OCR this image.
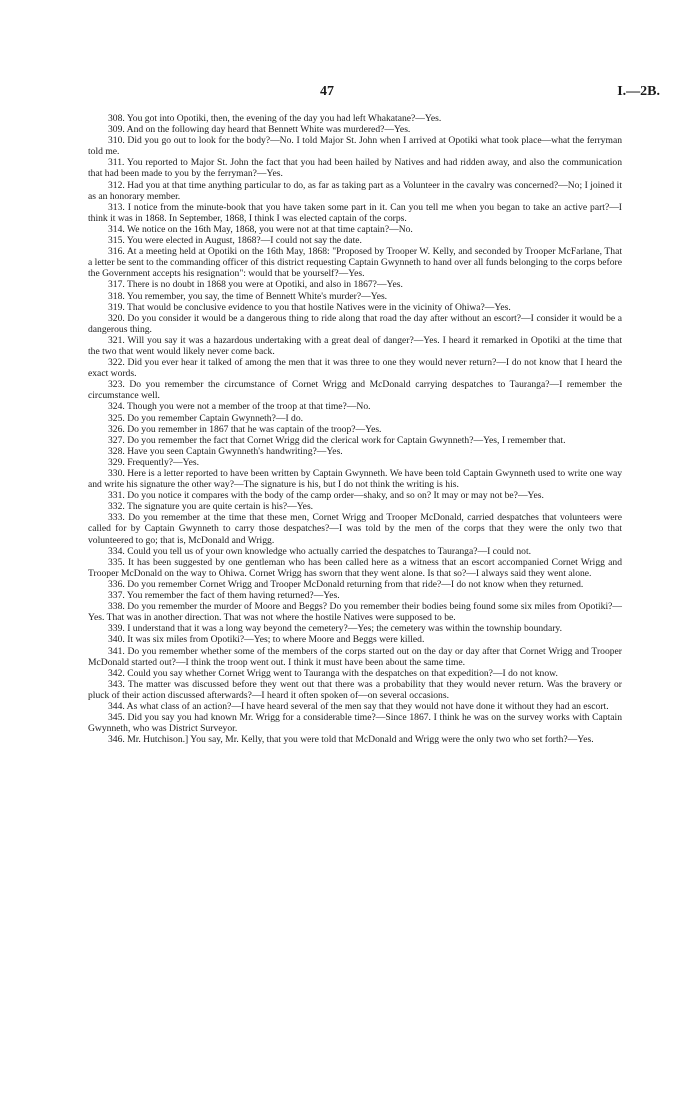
47	I.—2B.

308. You got into Opotiki, then, the evening of the day you had left Whakatane?—Yes.

309. And on the following day heard that Bennett White was murdered?—Yes.

310. Did you go out to look for the body?—No. I told Major St. John when I arrived at Opotiki what took place—what the ferryman told me.

311. You reported to Major St. John the fact that you had been hailed by Natives and had ridden away, and also the communication that had been made to you by the ferryman?—Yes.

312. Had you at that time anything particular to do, as far as taking part as a Volunteer in the cavalry was concerned?—No; I joined it as an honorary member.

313. I notice from the minute-book that you have taken some part in it. Can you tell me when you began to take an active part?—I think it was in 1868. In September, 1868, I think I was elected captain of the corps.

314. We notice on the 16th May, 1868, you were not at that time captain?—No.

315. You were elected in August, 1868?—I could not say the date.

316. At a meeting held at Opotiki on the 16th May, 1868: "Proposed by Trooper W. Kelly, and seconded by Trooper McFarlane, That a letter be sent to the commanding officer of this district requesting Captain Gwynneth to hand over all funds belonging to the corps before the Government accepts his resignation": would that be yourself?—Yes.

317. There is no doubt in 1868 you were at Opotiki, and also in 1867?—Yes.

318. You remember, you say, the time of Bennett White's murder?—Yes.

319. That would be conclusive evidence to you that hostile Natives were in the vicinity of Ohiwa?—Yes.

320. Do you consider it would be a dangerous thing to ride along that road the day after without an escort?—I consider it would be a dangerous thing.

321. Will you say it was a hazardous undertaking with a great deal of danger?—Yes. I heard it remarked in Opotiki at the time that the two that went would likely never come back.

322. Did you ever hear it talked of among the men that it was three to one they would never return?—I do not know that I heard the exact words.

323. Do you remember the circumstance of Cornet Wrigg and McDonald carrying despatches to Tauranga?—I remember the circumstance well.

324. Though you were not a member of the troop at that time?—No.

325. Do you remember Captain Gwynneth?—I do.

326. Do you remember in 1867 that he was captain of the troop?—Yes.

327. Do you remember the fact that Cornet Wrigg did the clerical work for Captain Gwynneth?—Yes, I remember that.

328. Have you seen Captain Gwynneth's handwriting?—Yes.

329. Frequently?—Yes.

330. Here is a letter reported to have been written by Captain Gwynneth. We have been told Captain Gwynneth used to write one way and write his signature the other way?—The signature is his, but I do not think the writing is his.

331. Do you notice it compares with the body of the camp order—shaky, and so on? It may or may not be?—Yes.

332. The signature you are quite certain is his?—Yes.

333. Do you remember at the time that these men, Cornet Wrigg and Trooper McDonald, carried despatches that volunteers were called for by Captain Gwynneth to carry those despatches?—I was told by the men of the corps that they were the only two that volunteered to go; that is, McDonald and Wrigg.

334. Could you tell us of your own knowledge who actually carried the despatches to Tauranga?—I could not.

335. It has been suggested by one gentleman who has been called here as a witness that an escort accompanied Cornet Wrigg and Trooper McDonald on the way to Ohiwa. Cornet Wrigg has sworn that they went alone. Is that so?—I always said they went alone.

336. Do you remember Cornet Wrigg and Trooper McDonald returning from that ride?—I do not know when they returned.

337. You remember the fact of them having returned?—Yes.

338. Do you remember the murder of Moore and Beggs? Do you remember their bodies being found some six miles from Opotiki?—Yes. That was in another direction. That was not where the hostile Natives were supposed to be.

339. I understand that it was a long way beyond the cemetery?—Yes; the cemetery was within the township boundary.

340. It was six miles from Opotiki?—Yes; to where Moore and Beggs were killed.

341. Do you remember whether some of the members of the corps started out on the day or day after that Cornet Wrigg and Trooper McDonald started out?—I think the troop went out. I think it must have been about the same time.

342. Could you say whether Cornet Wrigg went to Tauranga with the despatches on that expedition?—I do not know.

343. The matter was discussed before they went out that there was a probability that they would never return. Was the bravery or pluck of their action discussed afterwards?—I heard it often spoken of—on several occasions.

344. As what class of an action?—I have heard several of the men say that they would not have done it without they had an escort.

345. Did you say you had known Mr. Wrigg for a considerable time?—Since 1867. I think he was on the survey works with Captain Gwynneth, who was District Surveyor.

346. Mr. Hutchison.] You say, Mr. Kelly, that you were told that McDonald and Wrigg were the only two who set forth?—Yes.
